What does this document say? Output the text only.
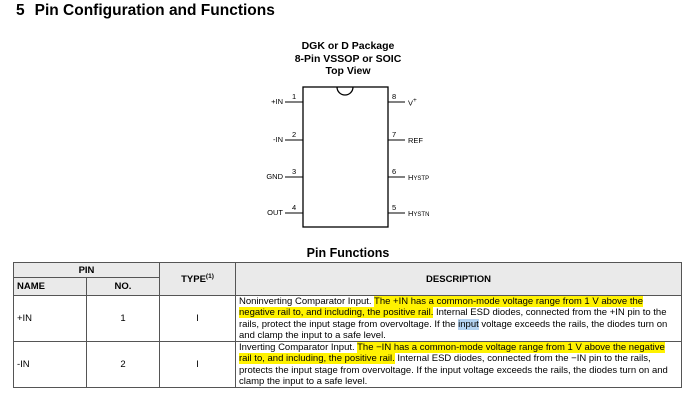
5 Pin Configuration and Functions
DGK or D Package
8-Pin VSSOP or SOIC
Top View
+IN
1
-IN
2
GND
3
OUT
4
8
V+
7
REF
6
HYSTP
5
HYSTN
Pin Functions
PIN		TYPE$^{(1)}$	DESCRIPTION
NAME	NO.		
+IN	1	I	Noninverting Comparator Input. The +IN has a common-mode voltage range from 1 V above the negative rail to, and including, the positive rail. Internal ESD diodes, connected from the +IN pin to the rails, protect the input stage from overvoltage. If the input voltage exceeds the rails, the diodes turn on and clamp the input to a safe level.
-IN	2	I	Inverting Comparator Input. The −IN has a common-mode voltage range from 1 V above the negative rail to, and including, the positive rail. Internal ESD diodes, connected from the −IN pin to the rails, protects the input stage from overvoltage. If the input voltage exceeds the rails, the diodes turn on and clamp the input to a safe level.
